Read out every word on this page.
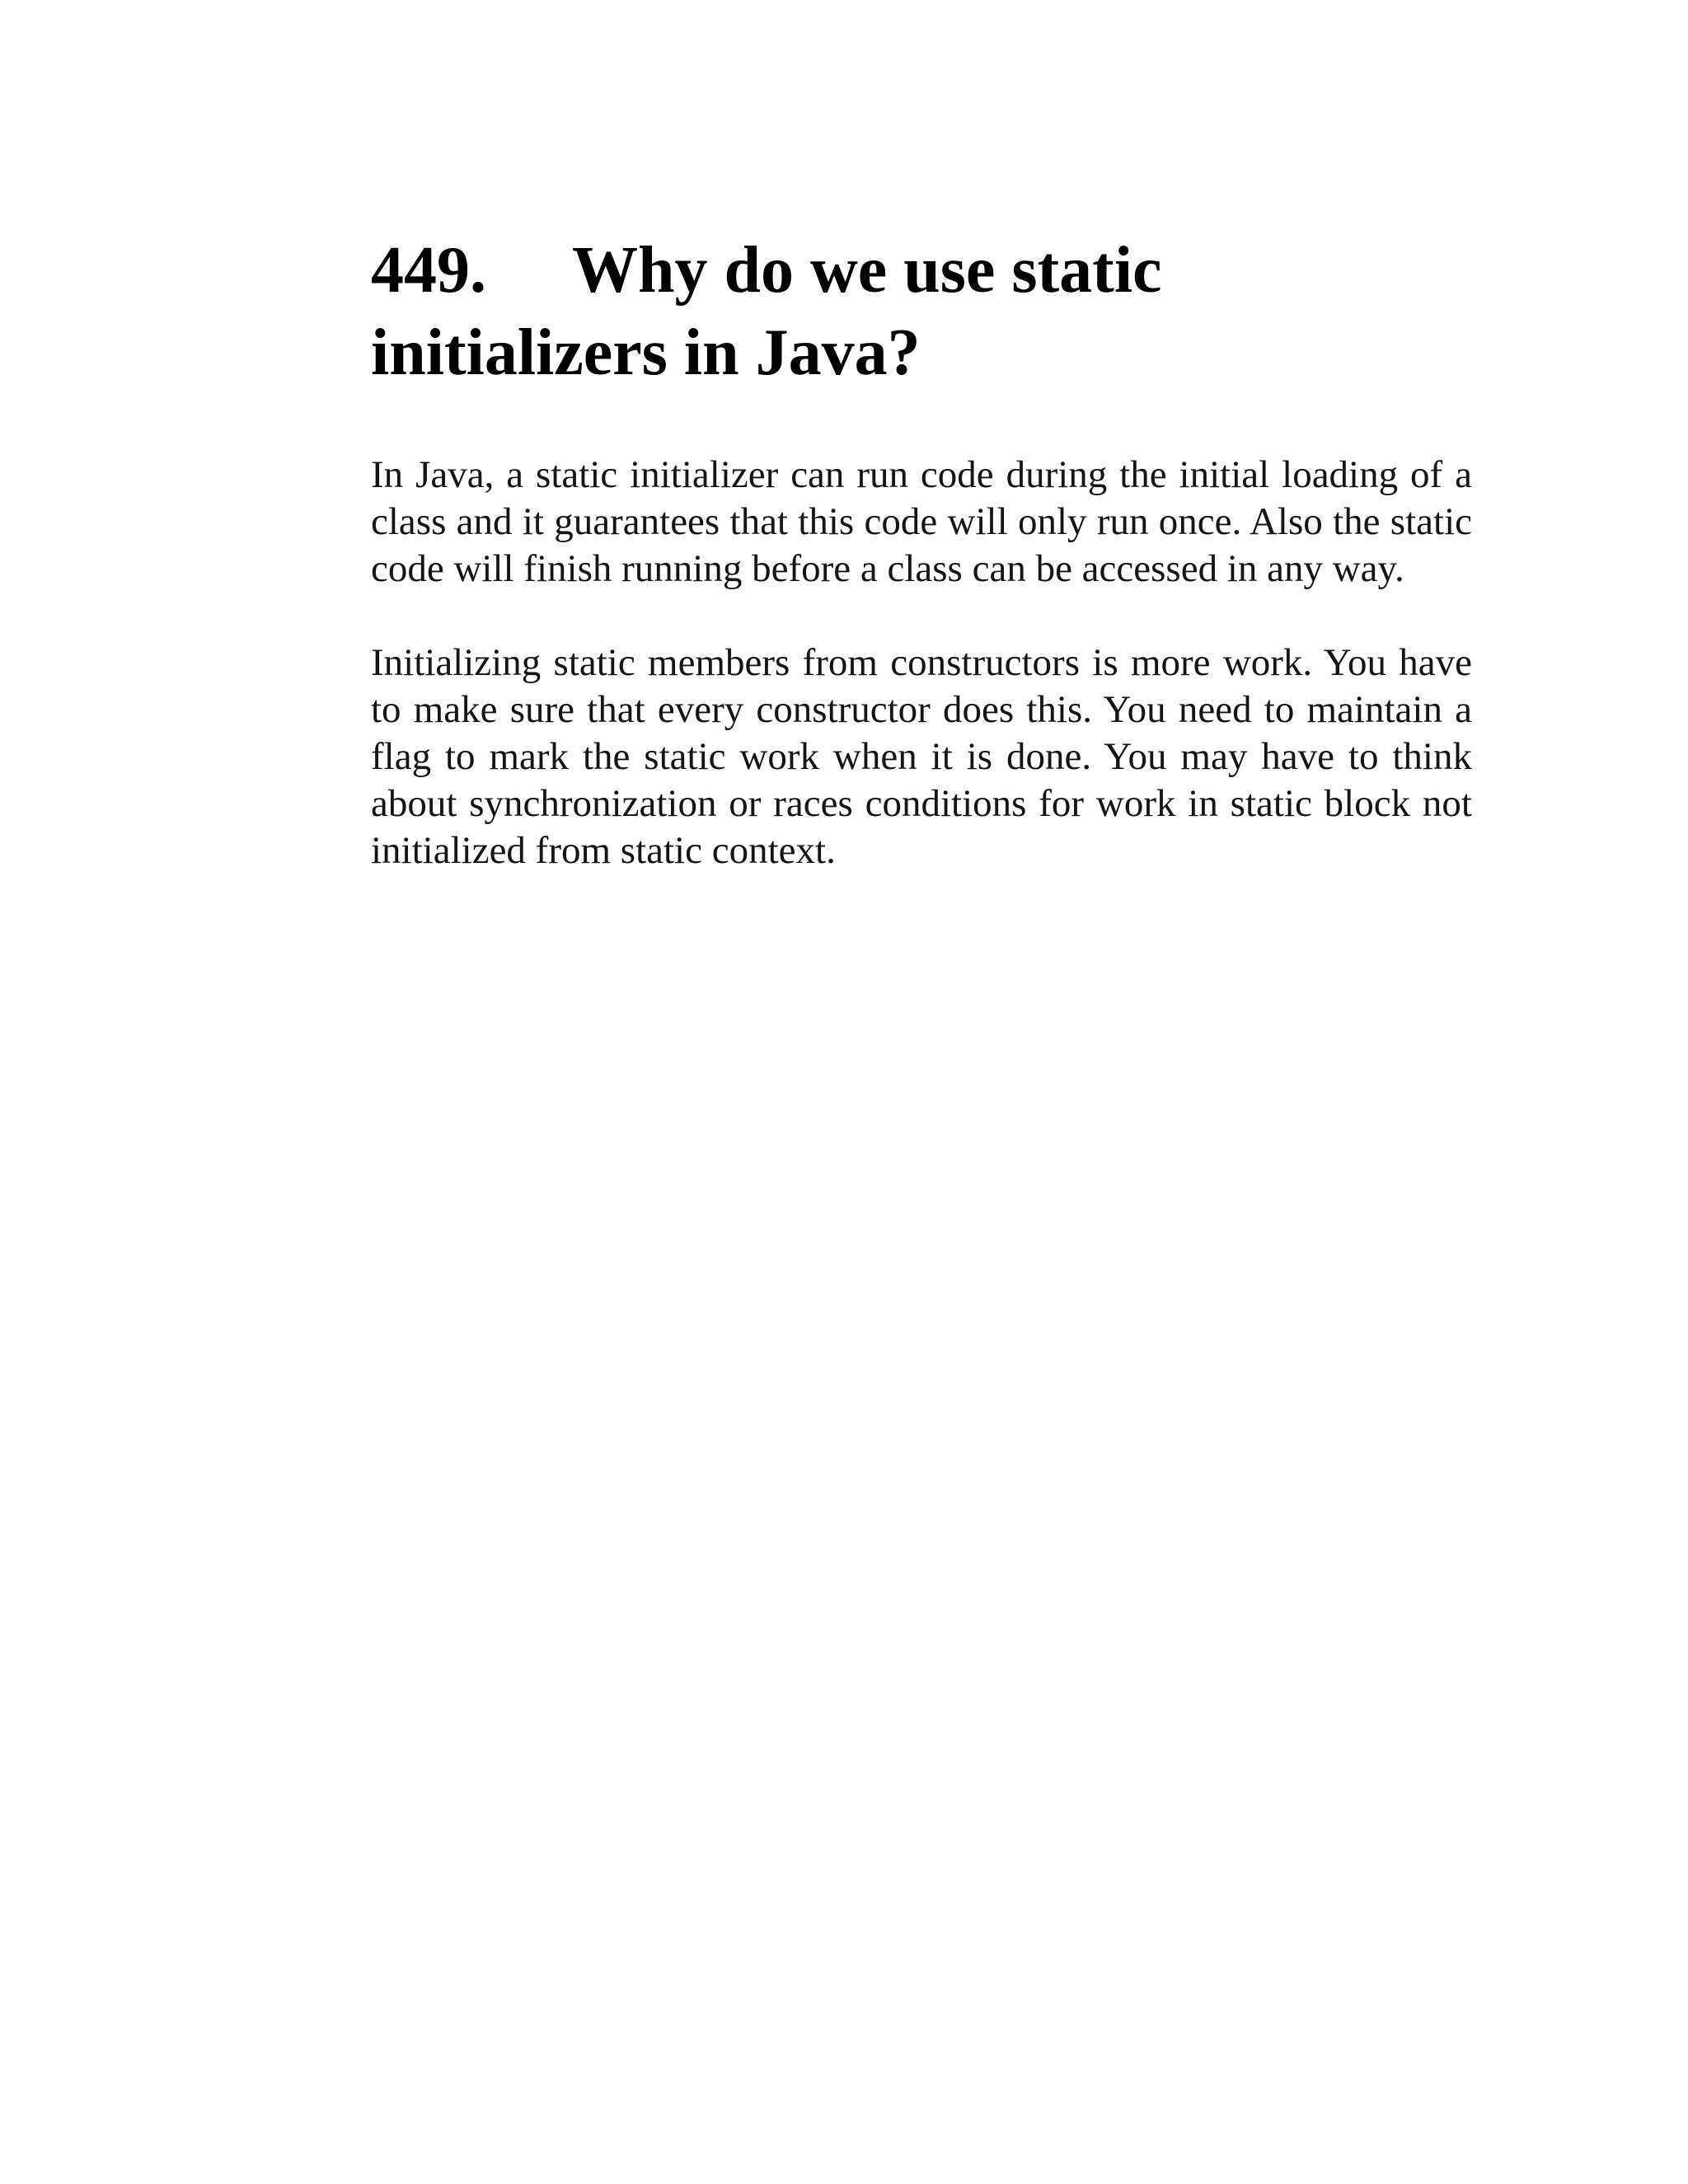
449. Why do we use static
initializers in Java?

In Java, a static initializer can run code during the initial loading of a class and it guarantees that this code will only run once. Also the static code will finish running before a class can be accessed in any way.

Initializing static members from constructors is more work. You have to make sure that every constructor does this. You need to maintain a flag to mark the static work when it is done. You may have to think about synchronization or races conditions for work in static block not initialized from static context.
